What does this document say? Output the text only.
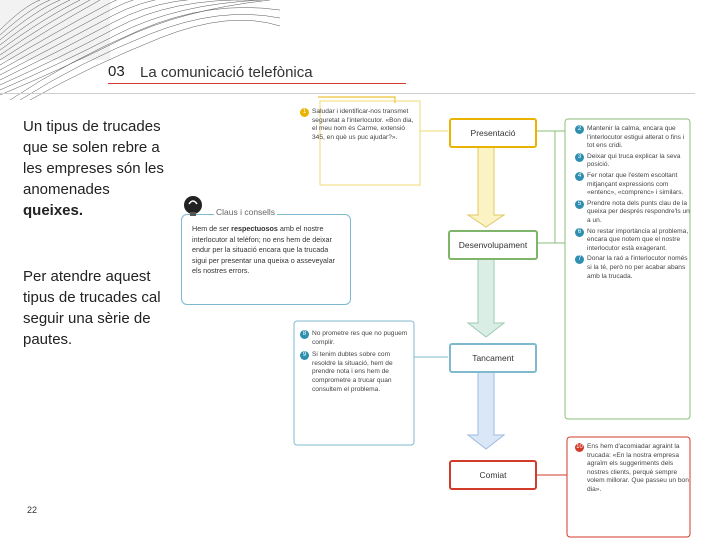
03 La comunicació telefònica
Un tipus de trucades que se solen rebre a les empreses són les anomenades queixes.
Per atendre aquest tipus de trucades cal seguir una sèrie de pautes.
22
Presentació
Desenvolupament
Tancament
Comiat

1 Saludar i identificar-nos transmet seguretat a l'interlocutor. «Bon dia, el meu nom és Carme, extensió 345, en què us puc ajudar?».

8 No prometre res que no puguem complir.

9 Si tenim dubtes sobre com resoldre la situació, hem de prendre nota i ens hem de comprometre a trucar quan consultem el problema.

2 Mantenir la calma, encara que l'interlocutor estigui alterat o fins i tot ens cridi.

3 Deixar qui truca explicar la seva posició.

4 Fer notar que l'estem escoltant mitjançant expressions com «entenc», «comprenc» i similars.

5 Prendre nota dels punts clau de la queixa per després respondre'ls un a un.

6 No restar importància al problema, encara que notem que el nostre interlocutor està exagerant.

7 Donar la raó a l'interlocutor només si la té, però no per acabar abans amb la trucada.

10 Ens hem d'acomiadar agraint la trucada: «En la nostra empresa agraïm els suggeriments dels nostres clients, perquè sempre volem millorar. Que passeu un bon dia».

Claus i consells
Hem de ser respectuosos amb el nostre interlocutor al telèfon; no ens hem de deixar endur per la situació encara que la trucada sigui per presentar una queixa o asseveyalar els nostres errors.
